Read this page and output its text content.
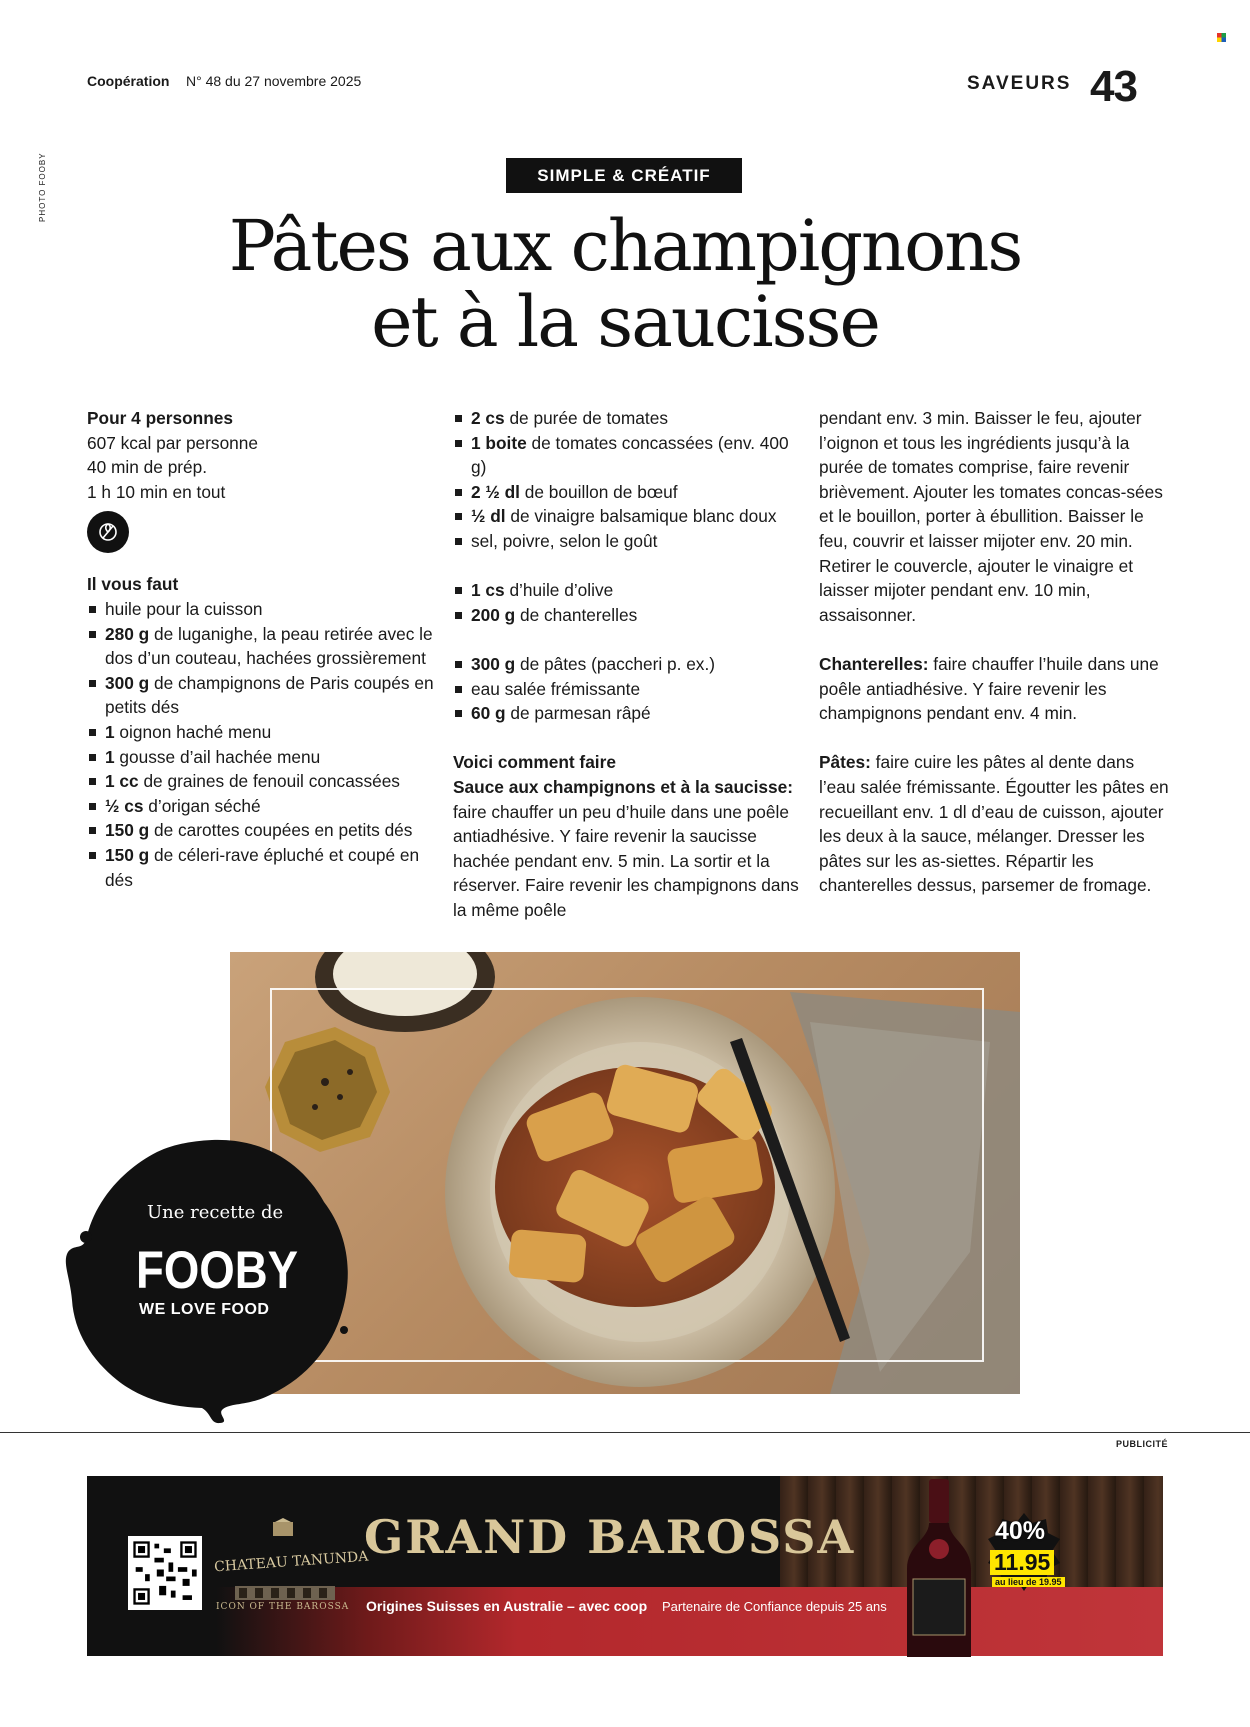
Coopération N° 48 du 27 novembre 2025	SAVEURS 43
PHOTO FOOBY	SIMPLE & CRÉATIF
Pâtes aux champignons
et à la saucisse

Pour 4 personnes

607 kcal par personne

40 min de prép.

1 h 10 min en tout

Il vous faut

huile pour la cuisson
280 g de luganighe, la peau retirée avec le dos d’un couteau, hachées grossièrement
300 g de champignons de Paris coupés en petits dés
1 oignon haché menu
1 gousse d’ail hachée menu
1 cc de graines de fenouil concassées
½ cs d’origan séché
150 g de carottes coupées en petits dés
150 g de céleri-rave épluché et coupé en dés
2 cs de purée de tomates
1 boite de tomates concassées (env. 400 g)
2 ½ dl de bouillon de bœuf
½ dl de vinaigre balsamique blanc doux
sel, poivre, selon le goût
1 cs d’huile d’olive
200 g de chanterelles
300 g de pâtes (paccheri p. ex.)
eau salée frémissante
60 g de parmesan râpé

Voici comment faire

Sauce aux champignons et à la saucisse:

faire chauffer un peu d’huile dans une poêle antiadhésive. Y faire revenir la saucisse hachée pendant env. 5 min. La sortir et la réserver. Faire revenir les champignons dans la même poêle

pendant env. 3 min. Baisser le feu, ajouter l’oignon et tous les ingrédients jusqu’à la purée de tomates comprise, faire revenir brièvement. Ajouter les tomates concas-sées et le bouillon, porter à ébullition. Baisser le feu, couvrir et laisser mijoter env. 20 min. Retirer le couvercle, ajouter le vinaigre et laisser mijoter pendant env. 10 min, assaisonner.

Chanterelles: faire chauffer l’huile dans une poêle antiadhésive. Y faire revenir les champignons pendant env. 4 min.

Pâtes: faire cuire les pâtes al dente dans l’eau salée frémissante. Égoutter les pâtes en recueillant env. 1 dl d’eau de cuisson, ajouter les deux à la sauce, mélanger. Dresser les pâtes sur les as-siettes. Répartir les chanterelles dessus, parsemer de fromage.

Une recette de
FOOBY
WE LOVE FOOD
PUBLICITÉ
CHATEAU TANUNDA
ICON OF THE BAROSSA
GRAND BAROSSA
Origines Suisses en Australie – avec coop Partenaire de Confiance depuis 25 ans
40%
11.95
au lieu de 19.95
